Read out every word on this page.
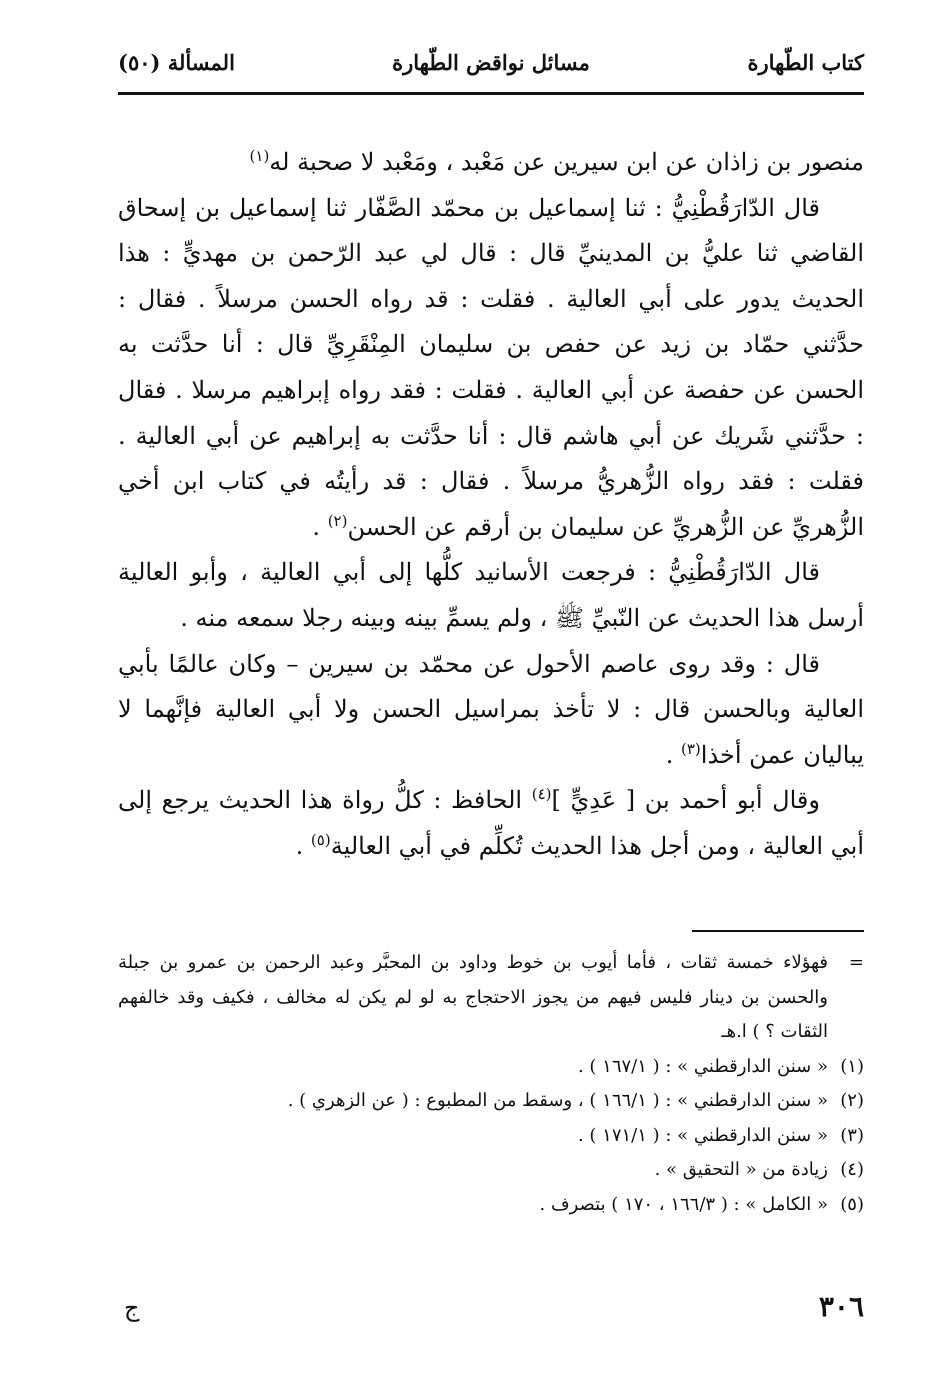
كتاب الطّهارة
مسائل نواقض الطّهارة
المسألة (٥٠)

منصور بن زاذان عن ابن سيرين عن مَعْبد ، ومَعْبد لا صحبة له$^{(١)}$

قال الدّارَقُطْنِيُّ : ثنا إسماعيل بن محمّد الصَّفّار ثنا إسماعيل بن إسحاق القاضي ثنا عليُّ بن المدينيِّ قال : قال لي عبد الرّحمن بن مهديٍّ : هذا الحديث يدور على أبي العالية . فقلت : قد رواه الحسن مرسلاً . فقال : حدَّثني حمّاد بن زيد عن حفص بن سليمان المِنْقَرِيِّ قال : أنا حدَّثت به الحسن عن حفصة عن أبي العالية . فقلت : فقد رواه إبراهيم مرسلا . فقال : حدَّثني شَريك عن أبي هاشم قال : أنا حدَّثت به إبراهيم عن أبي العالية . فقلت : فقد رواه الزُّهريُّ مرسلاً . فقال : قد رأيتُه في كتاب ابن أخي الزُّهريِّ عن الزُّهريِّ عن سليمان بن أرقم عن الحسن$^{(٢)}$ .

قال الدّارَقُطْنِيُّ : فرجعت الأسانيد كلُّها إلى أبي العالية ، وأبو العالية أرسل هذا الحديث عن النّبيِّ ﷺ ، ولم يسمِّ بينه وبينه رجلا سمعه منه .

قال : وقد روى عاصم الأحول عن محمّد بن سيرين – وكان عالمًا بأبي العالية وبالحسن قال : لا تأخذ بمراسيل الحسن ولا أبي العالية فإنَّهما لا يباليان عمن أخذا$^{(٣)}$ .

وقال أبو أحمد بن [ عَدِيٍّ ]$^{(٤)}$ الحافظ : كلُّ رواة هذا الحديث يرجع إلى أبي العالية ، ومن أجل هذا الحديث تُكلِّم في أبي العالية$^{(٥)}$ .

=
فهؤلاء خمسة ثقات ، فأما أيوب بن خوط وداود بن المحبَّر وعبد الرحمن بن عمرو بن جبلة والحسن بن دينار فليس فيهم من يجوز الاحتجاج به لو لم يكن له مخالف ، فكيف وقد خالفهم الثقات ؟ ) ا.هـ
(١)
« سنن الدارقطني » : ( ١٦٧/١ ) .
(٢)
« سنن الدارقطني » : ( ١٦٦/١ ) ، وسقط من المطبوع : ( عن الزهري ) .
(٣)
« سنن الدارقطني » : ( ١٧١/١ ) .
(٤)
زيادة من « التحقيق » .
(٥)
« الكامل » : ( ١٦٦/٣ ، ١٧٠ ) بتصرف .
٣٠٦
ج
